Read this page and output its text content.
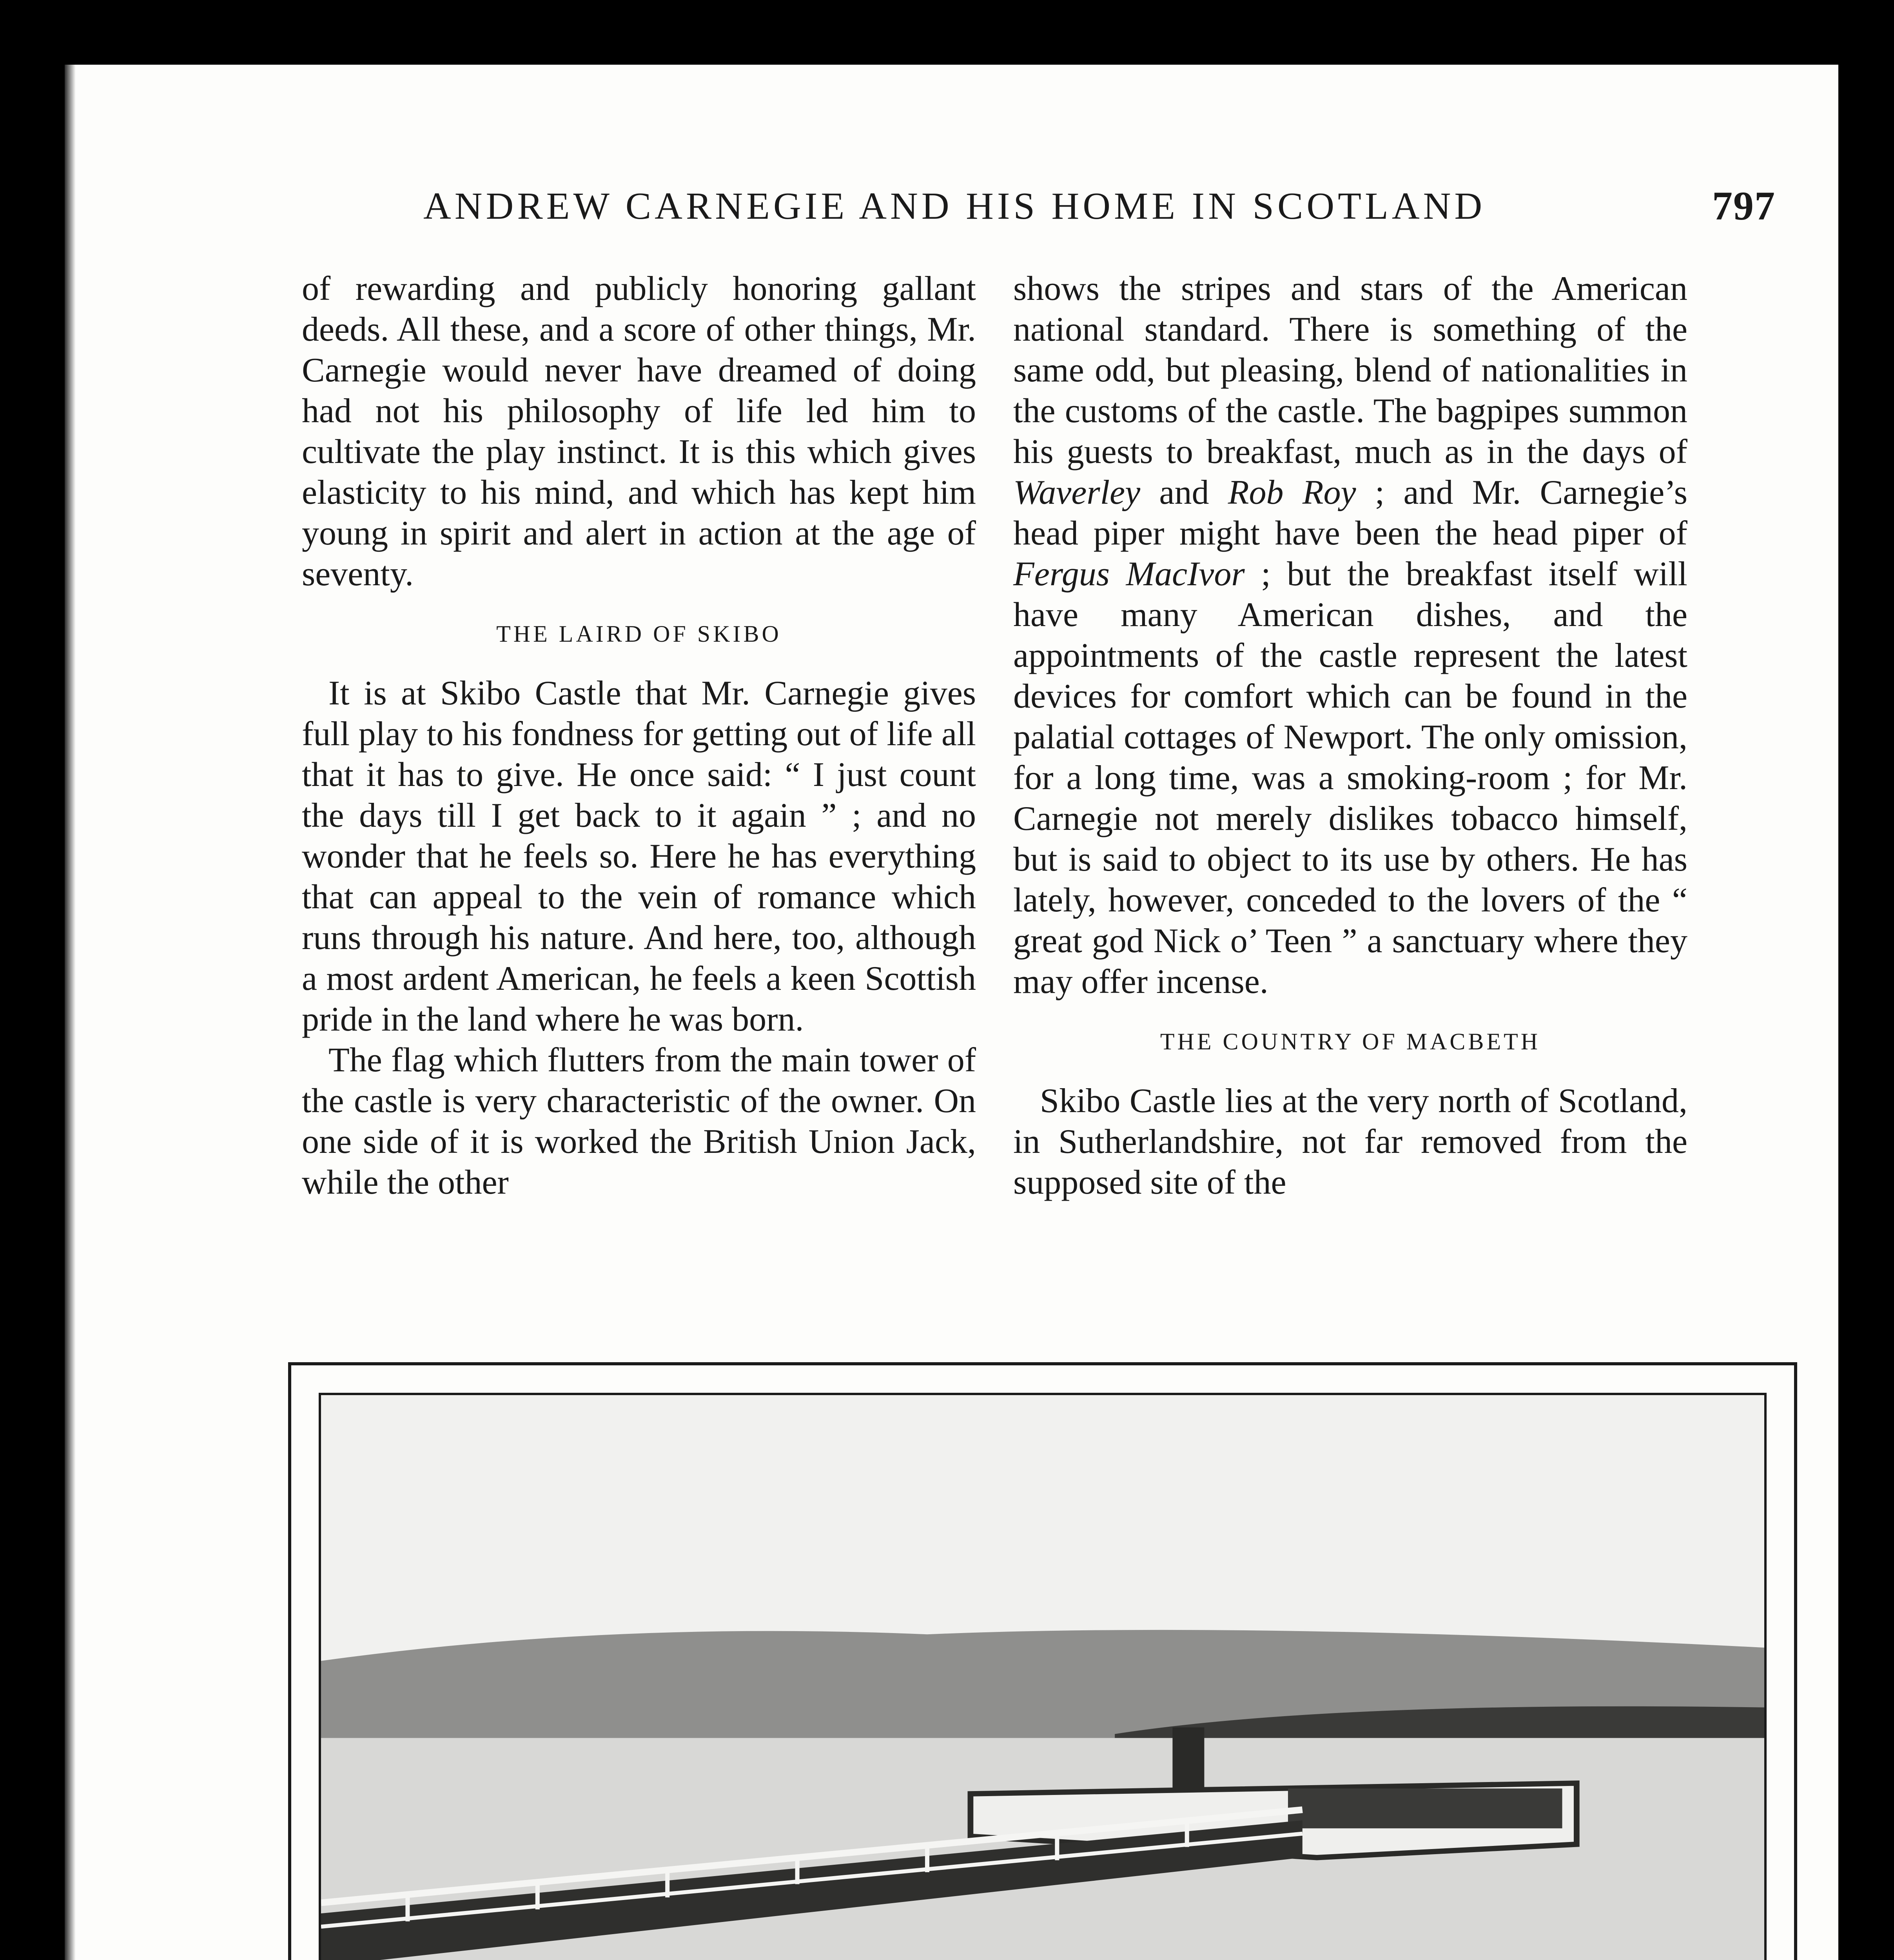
ANDREW CARNEGIE AND HIS HOME IN SCOTLAND	797

of rewarding and publicly honoring gallant deeds. All these, and a score of other things, Mr. Carnegie would never have dreamed of doing had not his philosophy of life led him to cultivate the play instinct. It is this which gives elasticity to his mind, and which has kept him young in spirit and alert in action at the age of seventy.

THE LAIRD OF SKIBO

It is at Skibo Castle that Mr. Carnegie gives full play to his fondness for getting out of life all that it has to give. He once said: “ I just count the days till I get back to it again ” ; and no wonder that he feels so. Here he has everything that can appeal to the vein of romance which runs through his nature. And here, too, although a most ardent American, he feels a keen Scottish pride in the land where he was born.

The flag which flutters from the main tower of the castle is very characteristic of the owner. On one side of it is worked the British Union Jack, while the other

shows the stripes and stars of the American national standard. There is something of the same odd, but pleasing, blend of nationalities in the customs of the castle. The bagpipes summon his guests to breakfast, much as in the days of Waverley and Rob Roy ; and Mr. Carnegie’s head piper might have been the head piper of Fergus MacIvor ; but the breakfast itself will have many American dishes, and the appointments of the castle represent the latest devices for comfort which can be found in the palatial cottages of Newport. The only omission, for a long time, was a smoking-room ; for Mr. Carnegie not merely dislikes tobacco himself, but is said to object to its use by others. He has lately, however, conceded to the lovers of the “ great god Nick o’ Teen ” a sanctuary where they may offer incense.

THE COUNTRY OF MACBETH

Skibo Castle lies at the very north of Scotland, in Sutherlandshire, not far removed from the supposed site of the
